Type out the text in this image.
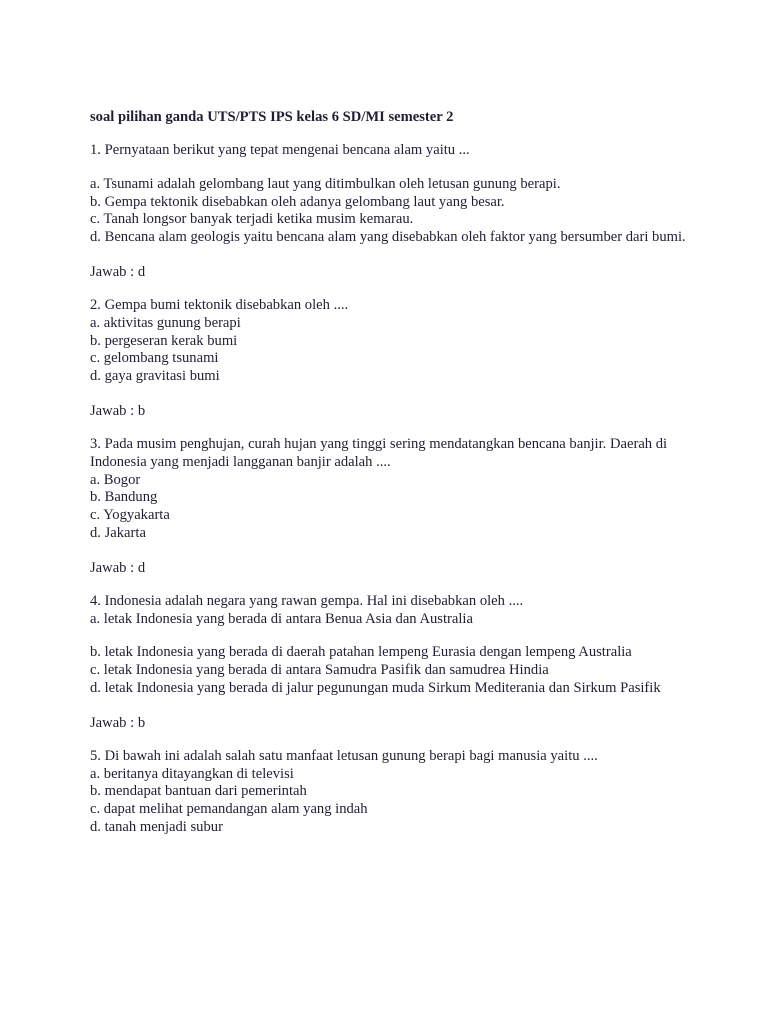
soal pilihan ganda UTS/PTS IPS kelas 6 SD/MI semester 2
1. Pernyataan berikut yang tepat mengenai bencana alam yaitu ...
a. Tsunami adalah gelombang laut yang ditimbulkan oleh letusan gunung berapi.
b. Gempa tektonik disebabkan oleh adanya gelombang laut yang besar.
c. Tanah longsor banyak terjadi ketika musim kemarau.
d. Bencana alam geologis yaitu bencana alam yang disebabkan oleh faktor yang bersumber dari bumi.
Jawab : d
2. Gempa bumi tektonik disebabkan oleh ....
a. aktivitas gunung berapi
b. pergeseran kerak bumi
c. gelombang tsunami
d. gaya gravitasi bumi
Jawab : b
3. Pada musim penghujan, curah hujan yang tinggi sering mendatangkan bencana banjir. Daerah di Indonesia yang menjadi langganan banjir adalah ....
a. Bogor
b. Bandung
c. Yogyakarta
d. Jakarta
Jawab : d
4. Indonesia adalah negara yang rawan gempa. Hal ini disebabkan oleh ....
a. letak Indonesia yang berada di antara Benua Asia dan Australia
b. letak Indonesia yang berada di daerah patahan lempeng Eurasia dengan lempeng Australia
c. letak Indonesia yang berada di antara Samudra Pasifik dan samudrea Hindia
d. letak Indonesia yang berada di jalur pegunungan muda Sirkum Mediterania dan Sirkum Pasifik
Jawab : b
5. Di bawah ini adalah salah satu manfaat letusan gunung berapi bagi manusia yaitu ....
a. beritanya ditayangkan di televisi
b. mendapat bantuan dari pemerintah
c. dapat melihat pemandangan alam yang indah
d. tanah menjadi subur
